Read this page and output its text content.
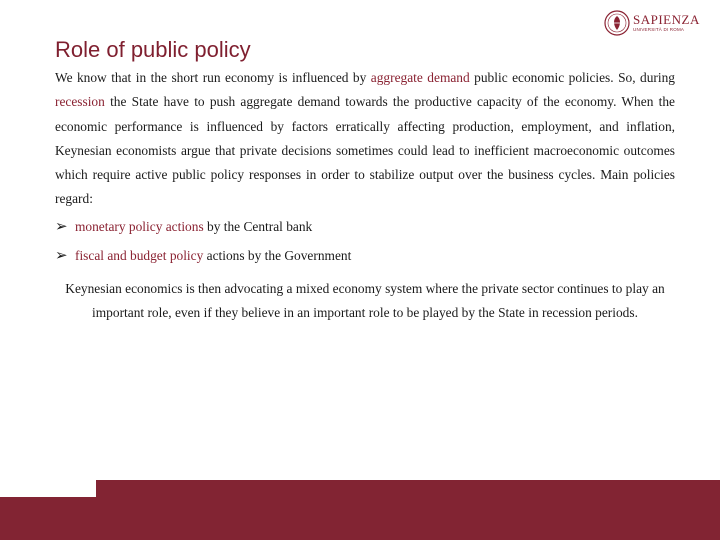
SAPIENZA
UNIVERSITÀ DI ROMA
Role of public policy

We know that in the short run economy is influenced by aggregate demand public economic policies. So, during recession the State have to push aggregate demand towards the productive capacity of the economy. When the economic performance is influenced by factors erratically affecting production, employment, and inflation, Keynesian economists argue that private decisions sometimes could lead to inefficient macroeconomic outcomes which require active public policy responses in order to stabilize output over the business cycles. Main policies regard:

➢ monetary policy actions by the Central bank
➢ fiscal and budget policy actions by the Government

Keynesian economics is then advocating a mixed economy system where the private sector continues to play an important role, even if they believe in an important role to be played by the State in recession periods.
